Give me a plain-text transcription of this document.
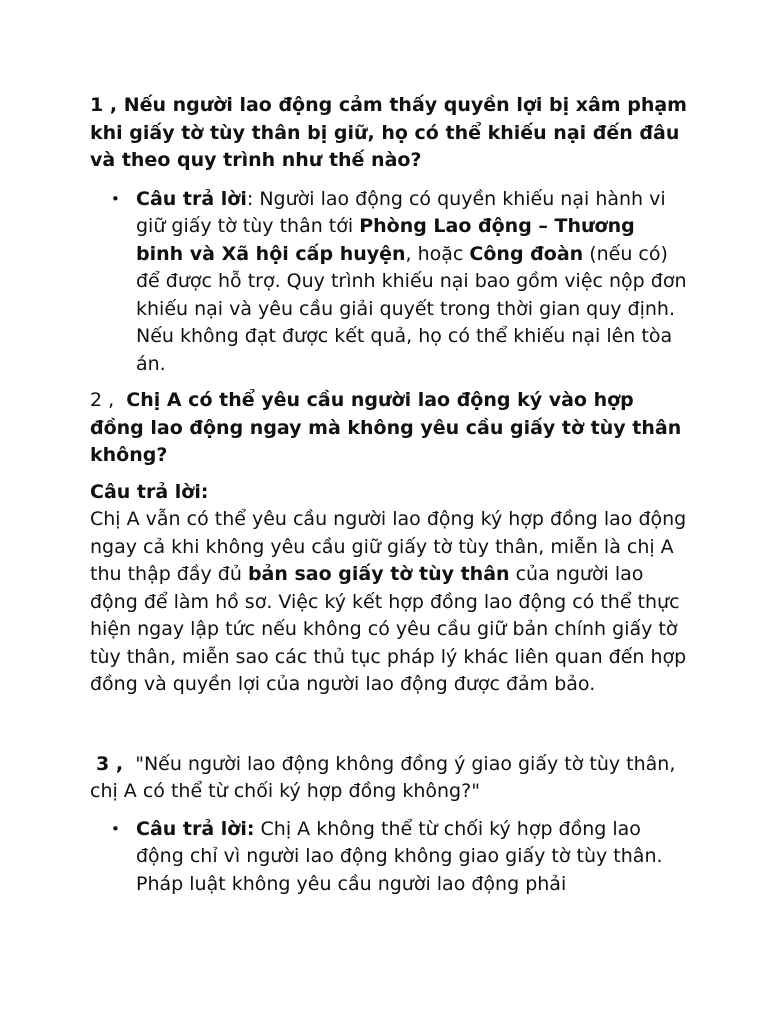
1 , Nếu người lao động cảm thấy quyền lợi bị xâm phạm khi giấy tờ tùy thân bị giữ, họ có thể khiếu nại đến đâu và theo quy trình như thế nào?

• Câu trả lời: Người lao động có quyền khiếu nại hành vi giữ giấy tờ tùy thân tới Phòng Lao động – Thương binh và Xã hội cấp huyện, hoặc Công đoàn (nếu có) để được hỗ trợ. Quy trình khiếu nại bao gồm việc nộp đơn khiếu nại và yêu cầu giải quyết trong thời gian quy định. Nếu không đạt được kết quả, họ có thể khiếu nại lên tòa án.

2 , Chị A có thể yêu cầu người lao động ký vào hợp đồng lao động ngay mà không yêu cầu giấy tờ tùy thân không?

Câu trả lời:

Chị A vẫn có thể yêu cầu người lao động ký hợp đồng lao động ngay cả khi không yêu cầu giữ giấy tờ tùy thân, miễn là chị A thu thập đầy đủ bản sao giấy tờ tùy thân của người lao động để làm hồ sơ. Việc ký kết hợp đồng lao động có thể thực hiện ngay lập tức nếu không có yêu cầu giữ bản chính giấy tờ tùy thân, miễn sao các thủ tục pháp lý khác liên quan đến hợp đồng và quyền lợi của người lao động được đảm bảo.

3 , "Nếu người lao động không đồng ý giao giấy tờ tùy thân, chị A có thể từ chối ký hợp đồng không?"

• Câu trả lời: Chị A không thể từ chối ký hợp đồng lao động chỉ vì người lao động không giao giấy tờ tùy thân. Pháp luật không yêu cầu người lao động phải
